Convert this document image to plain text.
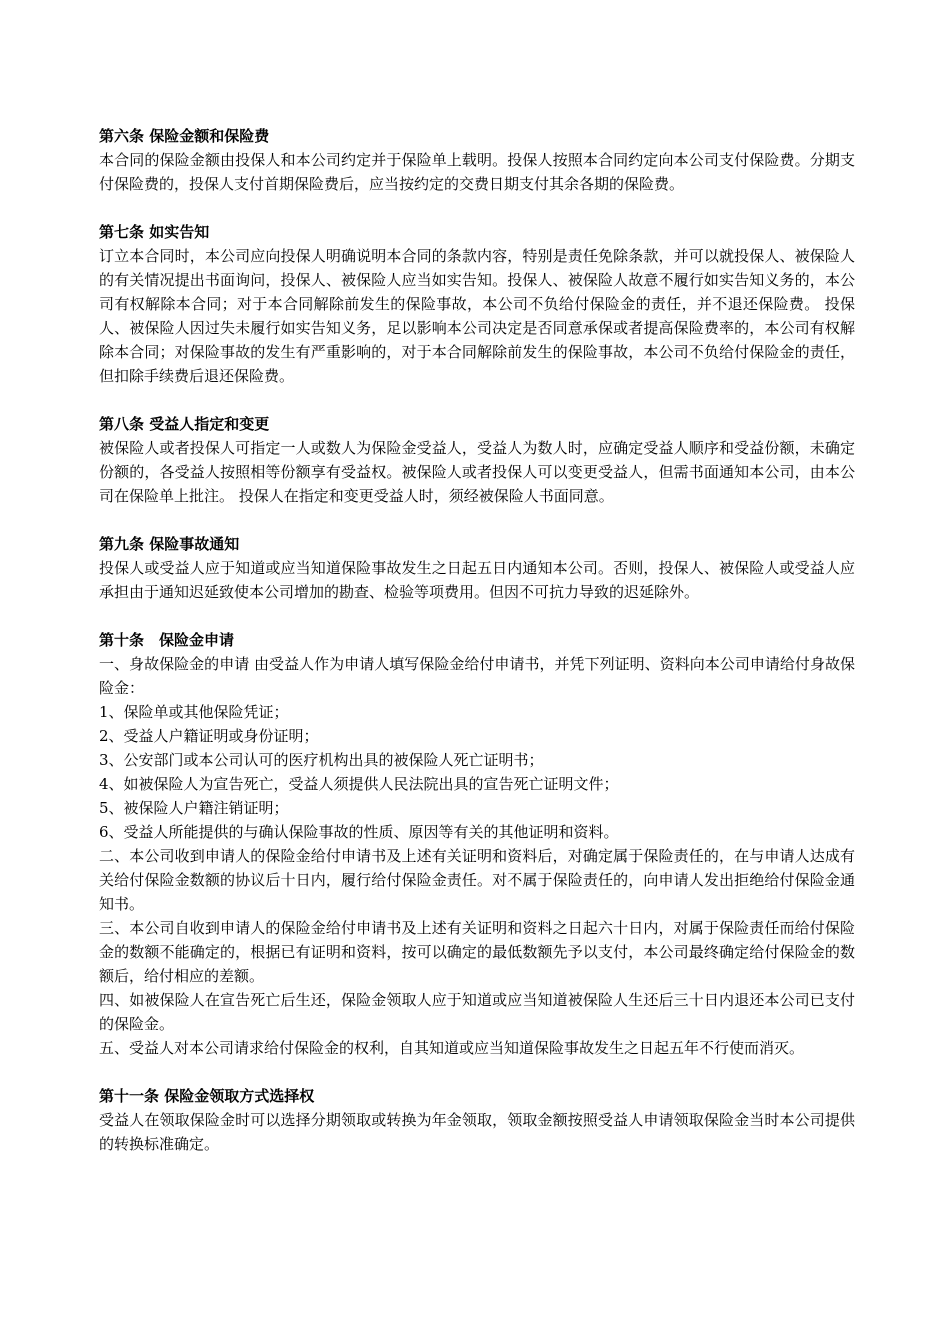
第六条 保险金额和保险费

本合同的保险金额由投保人和本公司约定并于保险单上载明。投保人按照本合同约定向本公司支付保险费。分期支付保险费的，投保人支付首期保险费后，应当按约定的交费日期支付其余各期的保险费。

第七条 如实告知

订立本合同时，本公司应向投保人明确说明本合同的条款内容，特别是责任免除条款，并可以就投保人、被保险人的有关情况提出书面询问，投保人、被保险人应当如实告知。投保人、被保险人故意不履行如实告知义务的，本公司有权解除本合同；对于本合同解除前发生的保险事故，本公司不负给付保险金的责任，并不退还保险费。 投保人、被保险人因过失未履行如实告知义务，足以影响本公司决定是否同意承保或者提高保险费率的，本公司有权解除本合同；对保险事故的发生有严重影响的，对于本合同解除前发生的保险事故，本公司不负给付保险金的责任，但扣除手续费后退还保险费。

第八条 受益人指定和变更

被保险人或者投保人可指定一人或数人为保险金受益人，受益人为数人时，应确定受益人顺序和受益份额，未确定份额的，各受益人按照相等份额享有受益权。被保险人或者投保人可以变更受益人，但需书面通知本公司，由本公司在保险单上批注。 投保人在指定和变更受益人时，须经被保险人书面同意。

第九条 保险事故通知

投保人或受益人应于知道或应当知道保险事故发生之日起五日内通知本公司。否则，投保人、被保险人或受益人应承担由于通知迟延致使本公司增加的勘查、检验等项费用。但因不可抗力导致的迟延除外。

第十条　保险金申请

一、身故保险金的申请 由受益人作为申请人填写保险金给付申请书，并凭下列证明、资料向本公司申请给付身故保险金：

1、保险单或其他保险凭证；

2、受益人户籍证明或身份证明；

3、公安部门或本公司认可的医疗机构出具的被保险人死亡证明书；

4、如被保险人为宣告死亡，受益人须提供人民法院出具的宣告死亡证明文件；

5、被保险人户籍注销证明；

6、受益人所能提供的与确认保险事故的性质、原因等有关的其他证明和资料。

二、本公司收到申请人的保险金给付申请书及上述有关证明和资料后，对确定属于保险责任的，在与申请人达成有关给付保险金数额的协议后十日内，履行给付保险金责任。对不属于保险责任的，向申请人发出拒绝给付保险金通知书。

三、本公司自收到申请人的保险金给付申请书及上述有关证明和资料之日起六十日内，对属于保险责任而给付保险金的数额不能确定的，根据已有证明和资料，按可以确定的最低数额先予以支付，本公司最终确定给付保险金的数额后，给付相应的差额。

四、如被保险人在宣告死亡后生还，保险金领取人应于知道或应当知道被保险人生还后三十日内退还本公司已支付的保险金。

五、受益人对本公司请求给付保险金的权利，自其知道或应当知道保险事故发生之日起五年不行使而消灭。

第十一条 保险金领取方式选择权

受益人在领取保险金时可以选择分期领取或转换为年金领取，领取金额按照受益人申请领取保险金当时本公司提供的转换标准确定。
